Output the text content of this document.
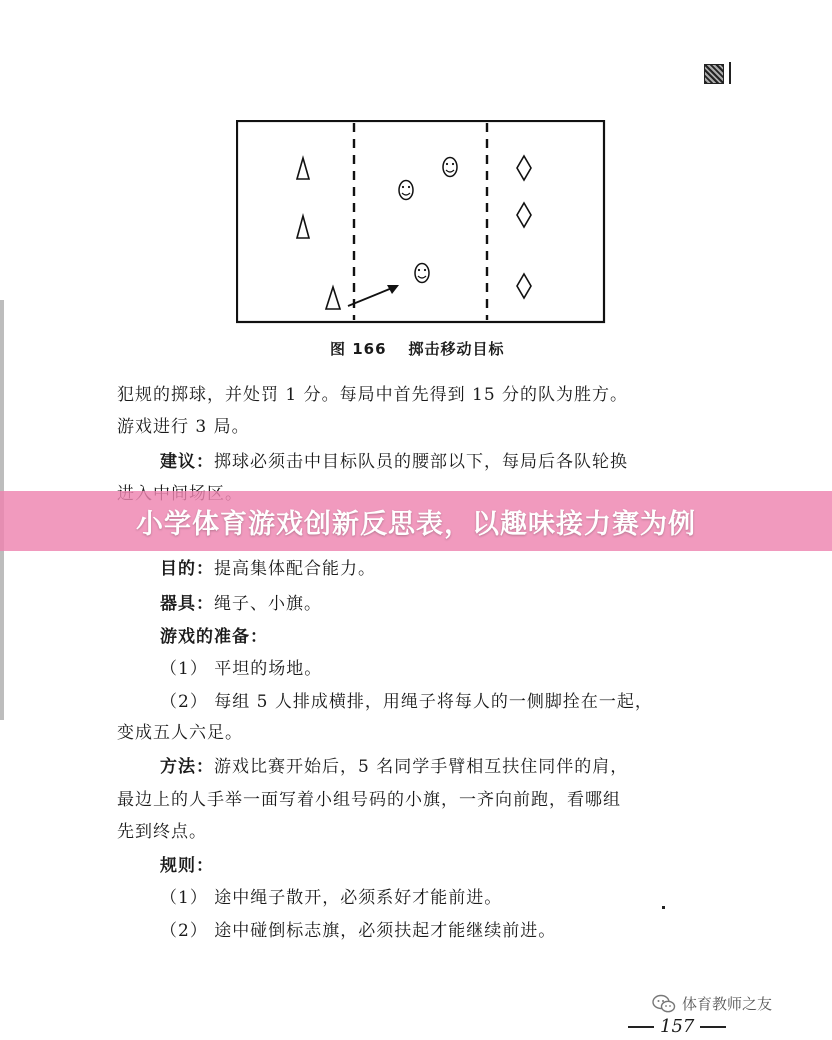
图 166 掷击移动目标
犯规的掷球，并处罚 1 分。每局中首先得到 15 分的队为胜方。
游戏进行 3 局。
建议：掷球必须击中目标队员的腰部以下，每局后各队轮换
小学体育游戏创新反思表，以趣味接力赛为例
目的：提高集体配合能力。
器具：绳子、小旗。
游戏的准备：
（1） 平坦的场地。
（2） 每组 5 人排成横排，用绳子将每人的一侧脚拴在一起，
变成五人六足。
方法：游戏比赛开始后，5 名同学手臂相互扶住同伴的肩，
最边上的人手举一面写着小组号码的小旗，一齐向前跑，看哪组
先到终点。
规则：
（1） 途中绳子散开，必须系好才能前进。
（2） 途中碰倒标志旗，必须扶起才能继续前进。
体育教师之友
157
